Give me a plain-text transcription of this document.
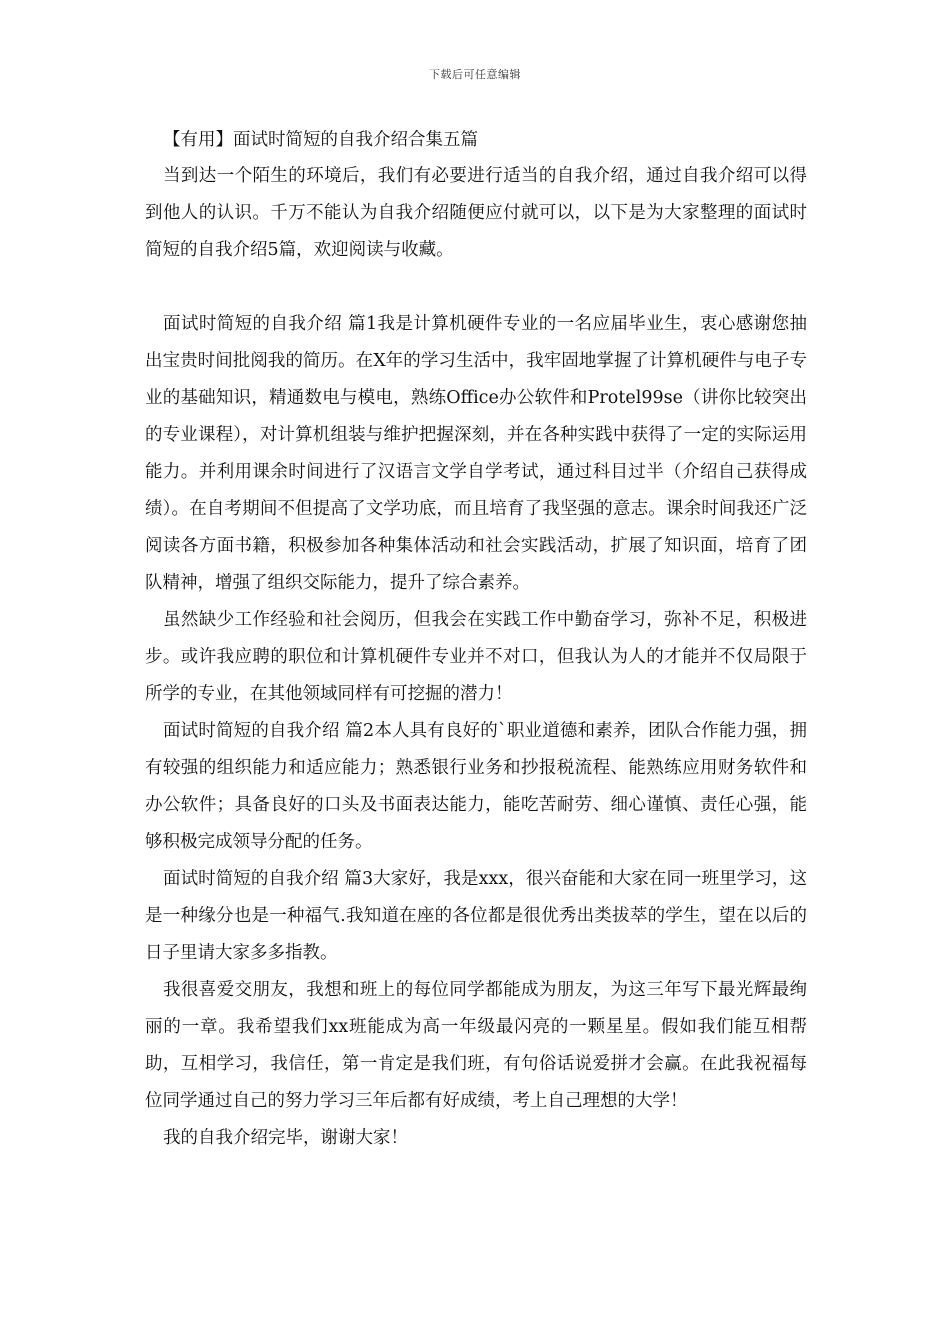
下载后可任意编辑
【有用】面试时简短的自我介绍合集五篇

当到达一个陌生的环境后，我们有必要进行适当的自我介绍，通过自我介绍可以得到他人的认识。千万不能认为自我介绍随便应付就可以，以下是为大家整理的面试时简短的自我介绍5篇，欢迎阅读与收藏。

面试时简短的自我介绍 篇1我是计算机硬件专业的一名应届毕业生，衷心感谢您抽出宝贵时间批阅我的简历。在X年的学习生活中，我牢固地掌握了计算机硬件与电子专业的基础知识，精通数电与模电，熟练Office办公软件和Protel99se（讲你比较突出的专业课程），对计算机组装与维护把握深刻，并在各种实践中获得了一定的实际运用能力。并利用课余时间进行了汉语言文学自学考试，通过科目过半（介绍自己获得成绩）。在自考期间不但提高了文学功底，而且培育了我坚强的意志。课余时间我还广泛阅读各方面书籍，积极参加各种集体活动和社会实践活动，扩展了知识面，培育了团队精神，增强了组织交际能力，提升了综合素养。

虽然缺少工作经验和社会阅历，但我会在实践工作中勤奋学习，弥补不足，积极进步。或许我应聘的职位和计算机硬件专业并不对口，但我认为人的才能并不仅局限于所学的专业，在其他领域同样有可挖掘的潜力！

面试时简短的自我介绍 篇2本人具有良好的`职业道德和素养，团队合作能力强，拥有较强的组织能力和适应能力；熟悉银行业务和抄报税流程、能熟练应用财务软件和办公软件；具备良好的口头及书面表达能力，能吃苦耐劳、细心谨慎、责任心强，能够积极完成领导分配的任务。

面试时简短的自我介绍 篇3大家好，我是xxx，很兴奋能和大家在同一班里学习，这是一种缘分也是一种福气.我知道在座的各位都是很优秀出类拔萃的学生，望在以后的日子里请大家多多指教。

我很喜爱交朋友，我想和班上的每位同学都能成为朋友，为这三年写下最光辉最绚丽的一章。我希望我们xx班能成为高一年级最闪亮的一颗星星。假如我们能互相帮助，互相学习，我信任，第一肯定是我们班，有句俗话说爱拼才会赢。在此我祝福每位同学通过自己的努力学习三年后都有好成绩，考上自己理想的大学！

我的自我介绍完毕，谢谢大家！
